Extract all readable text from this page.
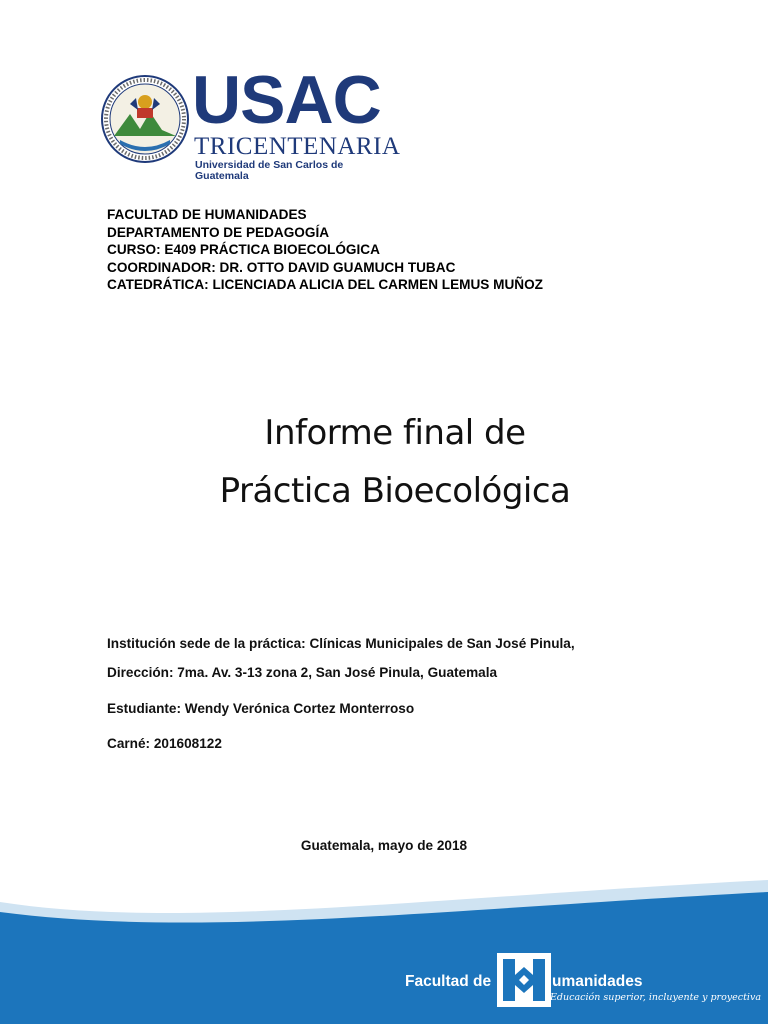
USAC
TRICENTENARIA
Universidad de San Carlos de Guatemala
FACULTAD DE HUMANIDADES
DEPARTAMENTO DE PEDAGOGÍA
CURSO: E409 PRÁCTICA BIOECOLÓGICA
COORDINADOR: DR. OTTO DAVID GUAMUCH TUBAC
CATEDRÁTICA: LICENCIADA ALICIA DEL CARMEN LEMUS MUÑOZ
Informe final de
Práctica Bioecológica
Institución sede de la práctica: Clínicas Municipales de San José Pinula,
Dirección: 7ma. Av. 3-13 zona 2, San José Pinula, Guatemala
Estudiante: Wendy Verónica Cortez Monterroso
Carné: 201608122
Guatemala, mayo de 2018
Facultad de	umanidades
Educación superior, incluyente y proyectiva
